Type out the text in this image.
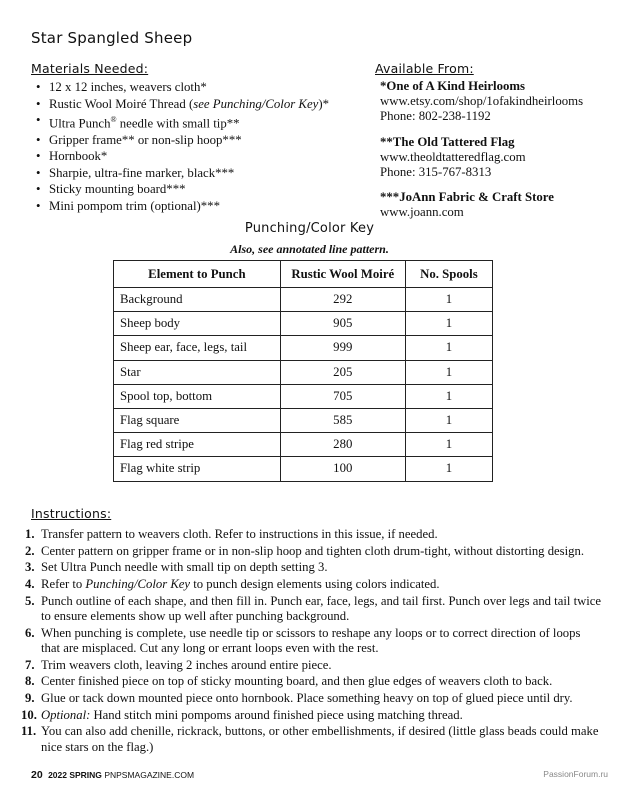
Star Spangled Sheep
Materials Needed:
• 12 x 12 inches, weavers cloth*
• Rustic Wool Moiré Thread (see Punching/Color Key)*
• Ultra Punch® needle with small tip**
• Gripper frame** or non-slip hoop***
• Hornbook*
• Sharpie, ultra-fine marker, black***
• Sticky mounting board***
• Mini pompom trim (optional)***
Available From:
*One of A Kind Heirlooms
www.etsy.com/shop/1ofakindheirlooms
Phone: 802-238-1192
**The Old Tattered Flag
www.theoldtatteredflag.com
Phone: 315-767-8313
***JoAnn Fabric & Craft Store
www.joann.com
Punching/Color Key
Also, see annotated line pattern.
Element to Punch	Rustic Wool Moiré	No. Spools
Background	292	1
Sheep body	905	1
Sheep ear, face, legs, tail	999	1
Star	205	1
Spool top, bottom	705	1
Flag square	585	1
Flag red stripe	280	1
Flag white strip	100	1
Instructions:
1. Transfer pattern to weavers cloth. Refer to instructions in this issue, if needed.
2. Center pattern on gripper frame or in non-slip hoop and tighten cloth drum-tight, without distorting design.
3. Set Ultra Punch needle with small tip on depth setting 3.
4. Refer to Punching/Color Key to punch design elements using colors indicated.
5. Punch outline of each shape, and then fill in. Punch ear, face, legs, and tail first. Punch over legs and tail twice to ensure elements show up well after punching background.
6. When punching is complete, use needle tip or scissors to reshape any loops or to correct direction of loops that are misplaced. Cut any long or errant loops even with the rest.
7. Trim weavers cloth, leaving 2 inches around entire piece.
8. Center finished piece on top of sticky mounting board, and then glue edges of weavers cloth to back.
9. Glue or tack down mounted piece onto hornbook. Place something heavy on top of glued piece until dry.
10. Optional: Hand stitch mini pompoms around finished piece using matching thread.
11. You can also add chenille, rickrack, buttons, or other embellishments, if desired (little glass beads could make nice stars on the flag.)
20 2022 SPRING PNPSMAGAZINE.COM	PassionForum.ru
